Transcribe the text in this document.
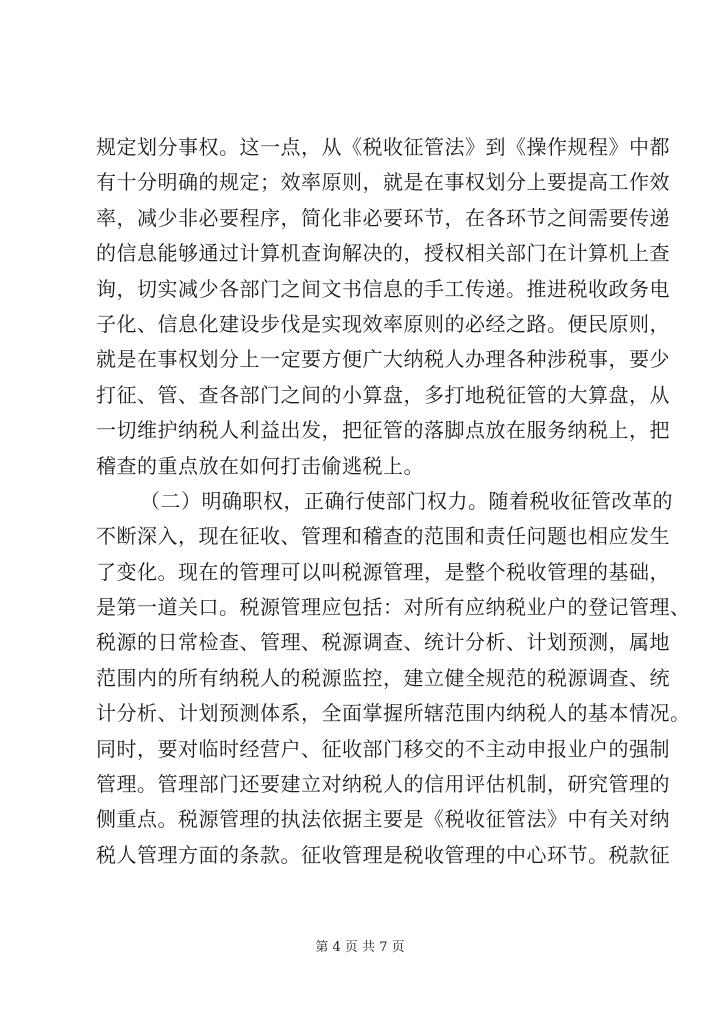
规定划分事权。这一点，从《税收征管法》到《操作规程》中都
有十分明确的规定；效率原则，就是在事权划分上要提高工作效
率，减少非必要程序，简化非必要环节，在各环节之间需要传递
的信息能够通过计算机查询解决的，授权相关部门在计算机上查
询，切实减少各部门之间文书信息的手工传递。推进税收政务电
子化、信息化建设步伐是实现效率原则的必经之路。便民原则，
就是在事权划分上一定要方便广大纳税人办理各种涉税事，要少
打征、管、查各部门之间的小算盘，多打地税征管的大算盘，从
一切维护纳税人利益出发，把征管的落脚点放在服务纳税上，把
稽查的重点放在如何打击偷逃税上。
（二）明确职权，正确行使部门权力。随着税收征管改革的
不断深入，现在征收、管理和稽查的范围和责任问题也相应发生
了变化。现在的管理可以叫税源管理，是整个税收管理的基础，
是第一道关口。税源管理应包括：对所有应纳税业户的登记管理、
税源的日常检查、管理、税源调查、统计分析、计划预测，属地
范围内的所有纳税人的税源监控，建立健全规范的税源调查、统
计分析、计划预测体系，全面掌握所辖范围内纳税人的基本情况。
同时，要对临时经营户、征收部门移交的不主动申报业户的强制
管理。管理部门还要建立对纳税人的信用评估机制，研究管理的
侧重点。税源管理的执法依据主要是《税收征管法》中有关对纳
税人管理方面的条款。征收管理是税收管理的中心环节。税款征
第 4 页 共 7 页
